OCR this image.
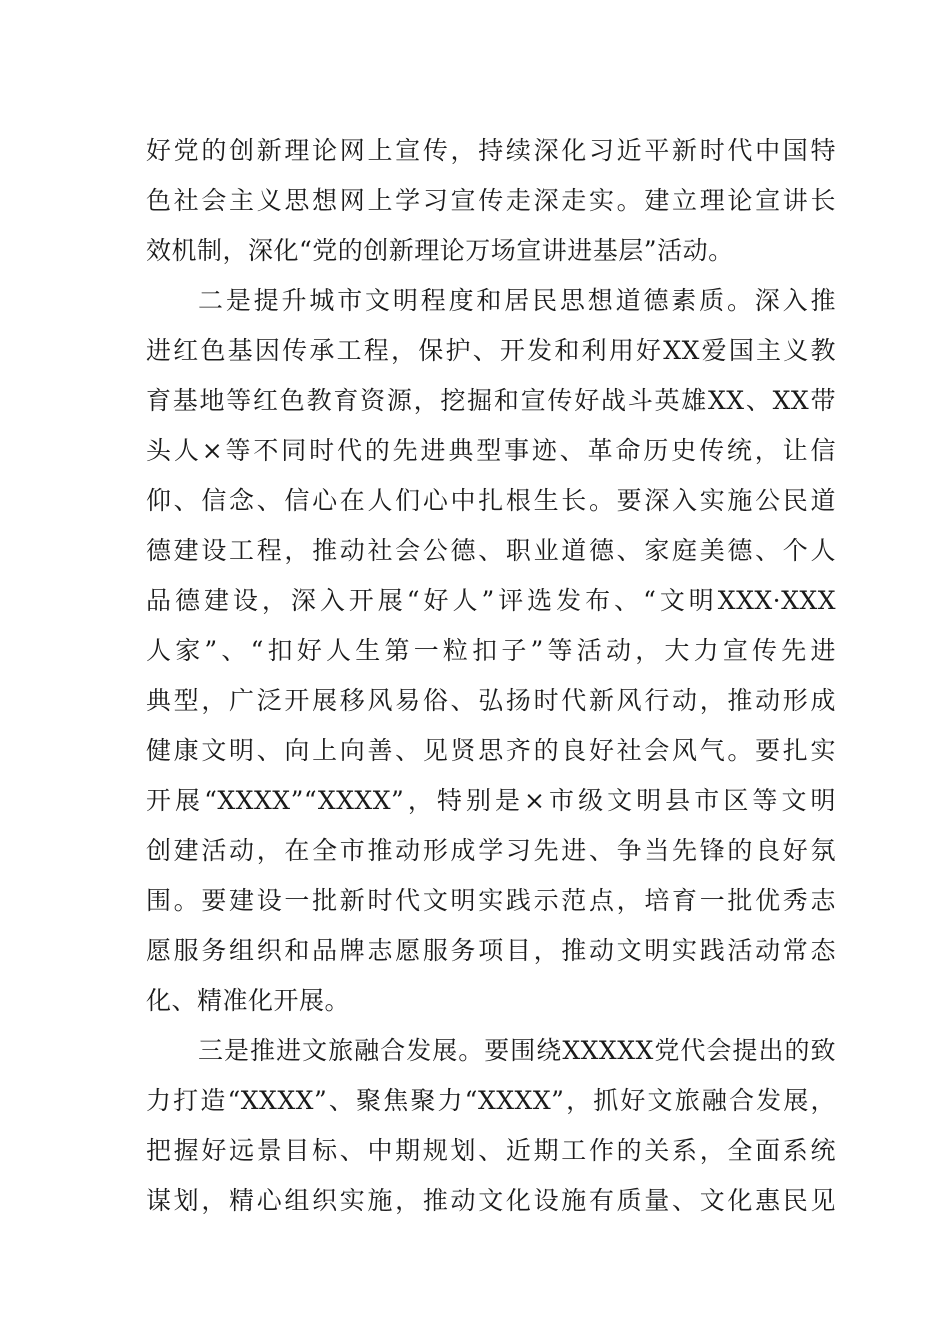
好党的创新理论网上宣传，持续深化习近平新时代中国特
色社会主义思想网上学习宣传走深走实。建立理论宣讲长
效机制，深化“党的创新理论万场宣讲进基层”活动。
二是提升城市文明程度和居民思想道德素质。深入推
进红色基因传承工程，保护、开发和利用好XX爱国主义教
育基地等红色教育资源，挖掘和宣传好战斗英雄XX、XX带
头人×等不同时代的先进典型事迹、革命历史传统，让信
仰、信念、信心在人们心中扎根生长。要深入实施公民道
德建设工程，推动社会公德、职业道德、家庭美德、个人
品德建设，深入开展“好人”评选发布、“文明XXX·XXX
人家”、“扣好人生第一粒扣子”等活动，大力宣传先进
典型，广泛开展移风易俗、弘扬时代新风行动，推动形成
健康文明、向上向善、见贤思齐的良好社会风气。要扎实
开展“XXXX”“XXXX”，特别是×市级文明县市区等文明
创建活动，在全市推动形成学习先进、争当先锋的良好氛
围。要建设一批新时代文明实践示范点，培育一批优秀志
愿服务组织和品牌志愿服务项目，推动文明实践活动常态
化、精准化开展。
三是推进文旅融合发展。要围绕XXXXX党代会提出的致
力打造“XXXX”、聚焦聚力“XXXX”，抓好文旅融合发展，
把握好远景目标、中期规划、近期工作的关系，全面系统
谋划，精心组织实施，推动文化设施有质量、文化惠民见
